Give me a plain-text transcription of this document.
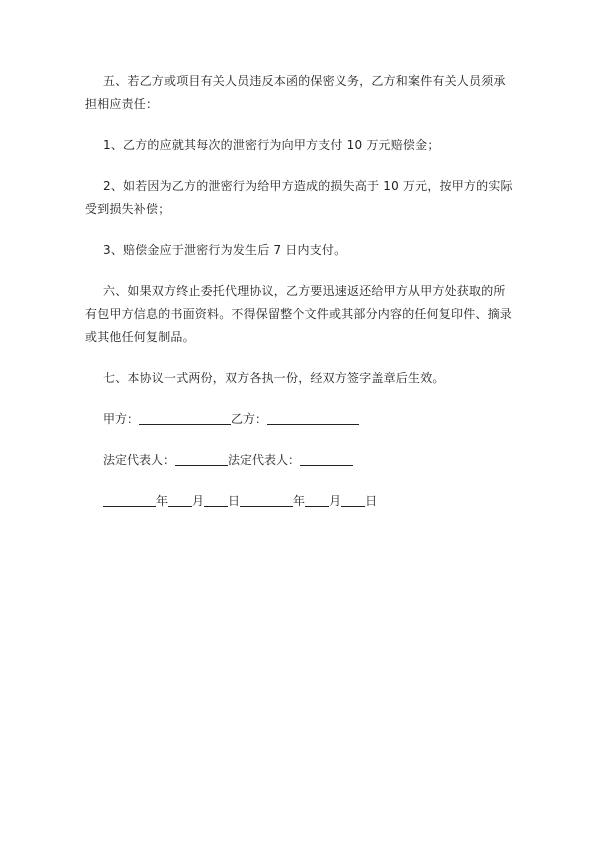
五、若乙方或项目有关人员违反本函的保密义务，乙方和案件有关人员须承担相应责任：

1、乙方的应就其每次的泄密行为向甲方支付 10 万元赔偿金；

2、如若因为乙方的泄密行为给甲方造成的损失高于 10 万元，按甲方的实际受到损失补偿；

3、赔偿金应于泄密行为发生后 7 日内支付。

六、如果双方终止委托代理协议，乙方要迅速返还给甲方从甲方处获取的所有包甲方信息的书面资料。不得保留整个文件或其部分内容的任何复印件、摘录或其他任何复制品。

七、本协议一式两份，双方各执一份，经双方签字盖章后生效。

甲方：	乙方：
法定代表人：	法定代表人：
年 月 日	年 月 日
